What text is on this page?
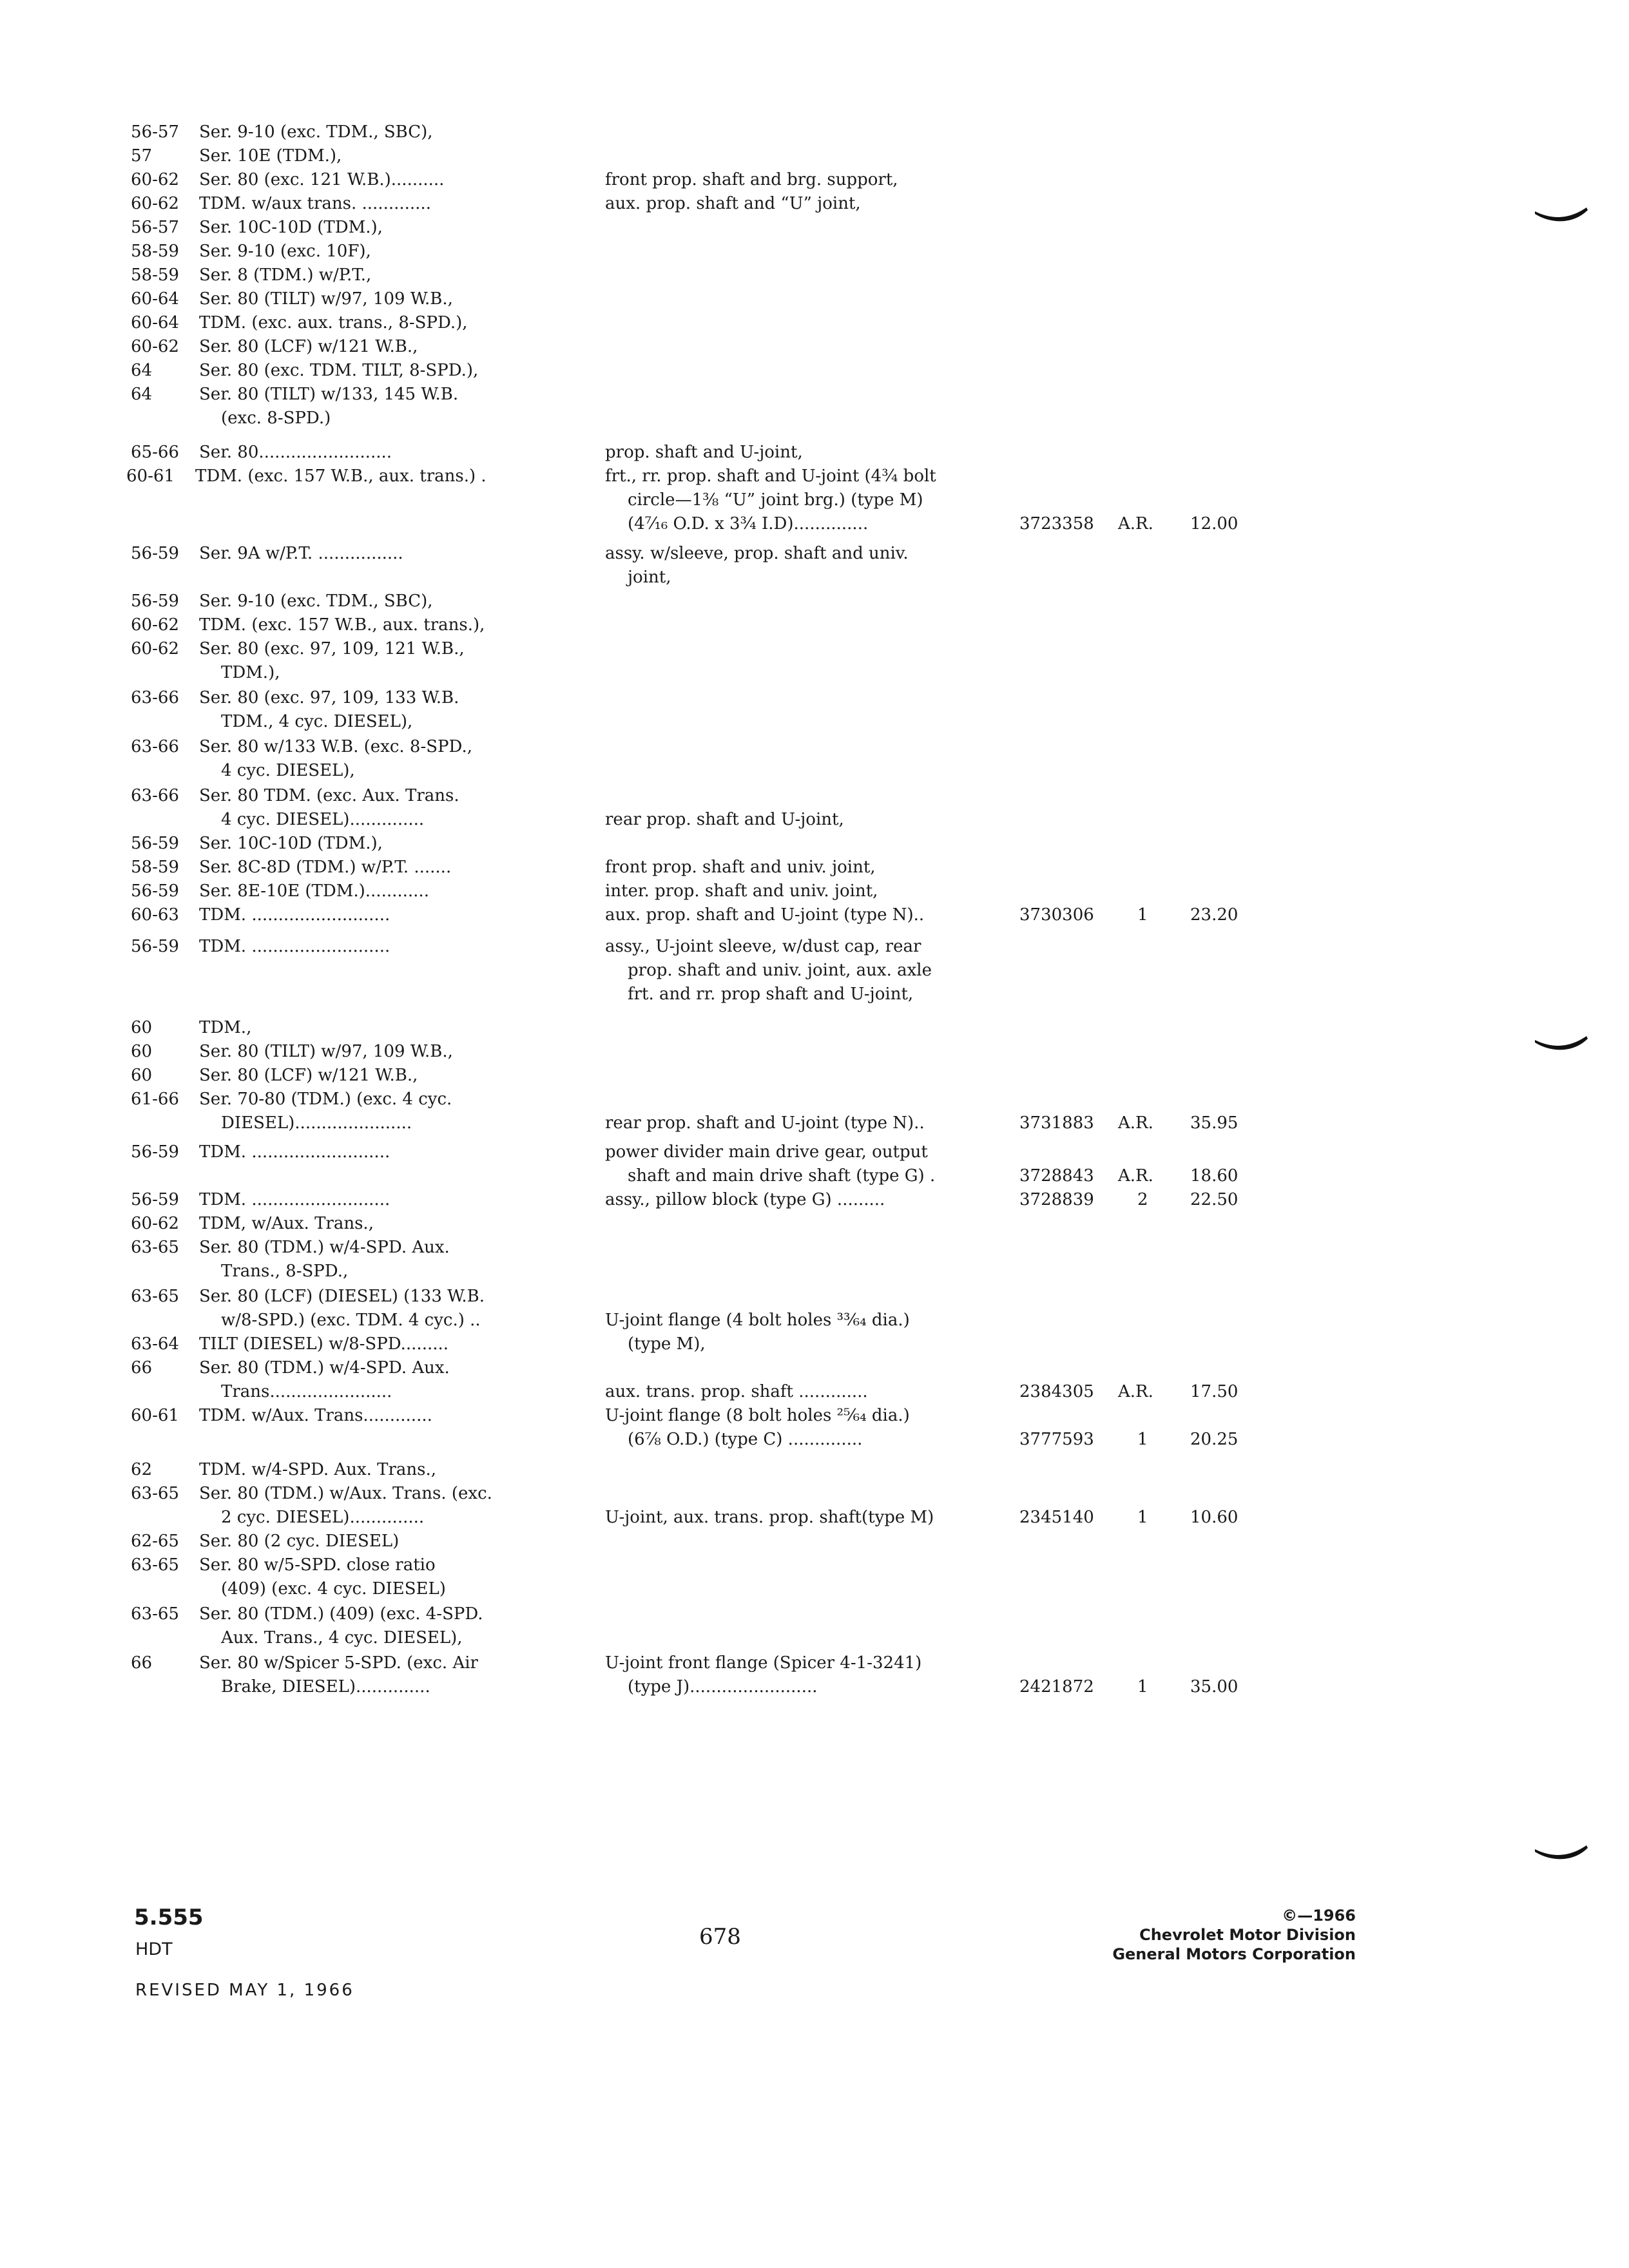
56-57 Ser. 9-10 (exc. TDM., SBC),
57	Ser. 10E (TDM.),
60-62 Ser. 80 (exc. 121 W.B.)..........	front prop. shaft and brg. support,
60-62 TDM. w/aux trans. .............	aux. prop. shaft and “U” joint,
56-57 Ser. 10C-10D (TDM.),
58-59 Ser. 9-10 (exc. 10F),
58-59 Ser. 8 (TDM.) w/P.T.,
60-64 Ser. 80 (TILT) w/97, 109 W.B.,
60-64 TDM. (exc. aux. trans., 8-SPD.),
60-62 Ser. 80 (LCF) w/121 W.B.,
64	Ser. 80 (exc. TDM. TILT, 8-SPD.),
64	Ser. 80 (TILT) w/133, 145 W.B.
(exc. 8-SPD.)
65-66 Ser. 80.........................	prop. shaft and U-joint,
60-61 TDM. (exc. 157 W.B., aux. trans.) .	frt., rr. prop. shaft and U-joint (4¾ bolt
circle—1⅜ “U” joint brg.) (type M)
(4⁷⁄₁₆ O.D. x 3¾ I.D)..............	3723358 A.R. 12.00
56-59 Ser. 9A w/P.T. ................	assy. w/sleeve, prop. shaft and univ.
joint,
56-59 Ser. 9-10 (exc. TDM., SBC),
60-62 TDM. (exc. 157 W.B., aux. trans.),
60-62 Ser. 80 (exc. 97, 109, 121 W.B.,
TDM.),
63-66 Ser. 80 (exc. 97, 109, 133 W.B.
TDM., 4 cyc. DIESEL),
63-66 Ser. 80 w/133 W.B. (exc. 8-SPD.,
4 cyc. DIESEL),
63-66 Ser. 80 TDM. (exc. Aux. Trans.
4 cyc. DIESEL)..............	rear prop. shaft and U-joint,
56-59 Ser. 10C-10D (TDM.),
58-59 Ser. 8C-8D (TDM.) w/P.T. .......	front prop. shaft and univ. joint,
56-59 Ser. 8E-10E (TDM.)............	inter. prop. shaft and univ. joint,
60-63 TDM. ..........................	aux. prop. shaft and U-joint (type N)..	3730306	1	23.20
56-59 TDM. ..........................	assy., U-joint sleeve, w/dust cap, rear
prop. shaft and univ. joint, aux. axle
frt. and rr. prop shaft and U-joint,
60	TDM.,
60	Ser. 80 (TILT) w/97, 109 W.B.,
60	Ser. 80 (LCF) w/121 W.B.,
61-66 Ser. 70-80 (TDM.) (exc. 4 cyc.
DIESEL)......................	rear prop. shaft and U-joint (type N)..	3731883 A.R. 35.95
56-59 TDM. ..........................	power divider main drive gear, output
shaft and main drive shaft (type G) .	3728843 A.R. 18.60
56-59 TDM. ..........................	assy., pillow block (type G) .........	3728839	2	22.50
60-62 TDM, w/Aux. Trans.,
63-65 Ser. 80 (TDM.) w/4-SPD. Aux.
Trans., 8-SPD.,
63-65 Ser. 80 (LCF) (DIESEL) (133 W.B.
w/8-SPD.) (exc. TDM. 4 cyc.) ..	U-joint flange (4 bolt holes ³³⁄₆₄ dia.)
63-64 TILT (DIESEL) w/8-SPD.........	(type M),
66	Ser. 80 (TDM.) w/4-SPD. Aux.
Trans.......................	aux. trans. prop. shaft .............	2384305 A.R. 17.50
60-61 TDM. w/Aux. Trans.............	U-joint flange (8 bolt holes ²⁵⁄₆₄ dia.)
(6⅞ O.D.) (type C) ..............	3777593	1	20.25
62	TDM. w/4-SPD. Aux. Trans.,
63-65 Ser. 80 (TDM.) w/Aux. Trans. (exc.
2 cyc. DIESEL)..............	U-joint, aux. trans. prop. shaft(type M)	2345140	1	10.60
62-65 Ser. 80 (2 cyc. DIESEL)
63-65 Ser. 80 w/5-SPD. close ratio
(409) (exc. 4 cyc. DIESEL)
63-65 Ser. 80 (TDM.) (409) (exc. 4-SPD.
Aux. Trans., 4 cyc. DIESEL),
66	Ser. 80 w/Spicer 5-SPD. (exc. Air	U-joint front flange (Spicer 4-1-3241)
Brake, DIESEL)..............	(type J)........................	2421872	1	35.00
5.555
HDT
REVISED MAY 1, 1966
678
©—1966
Chevrolet Motor Division
General Motors Corporation
